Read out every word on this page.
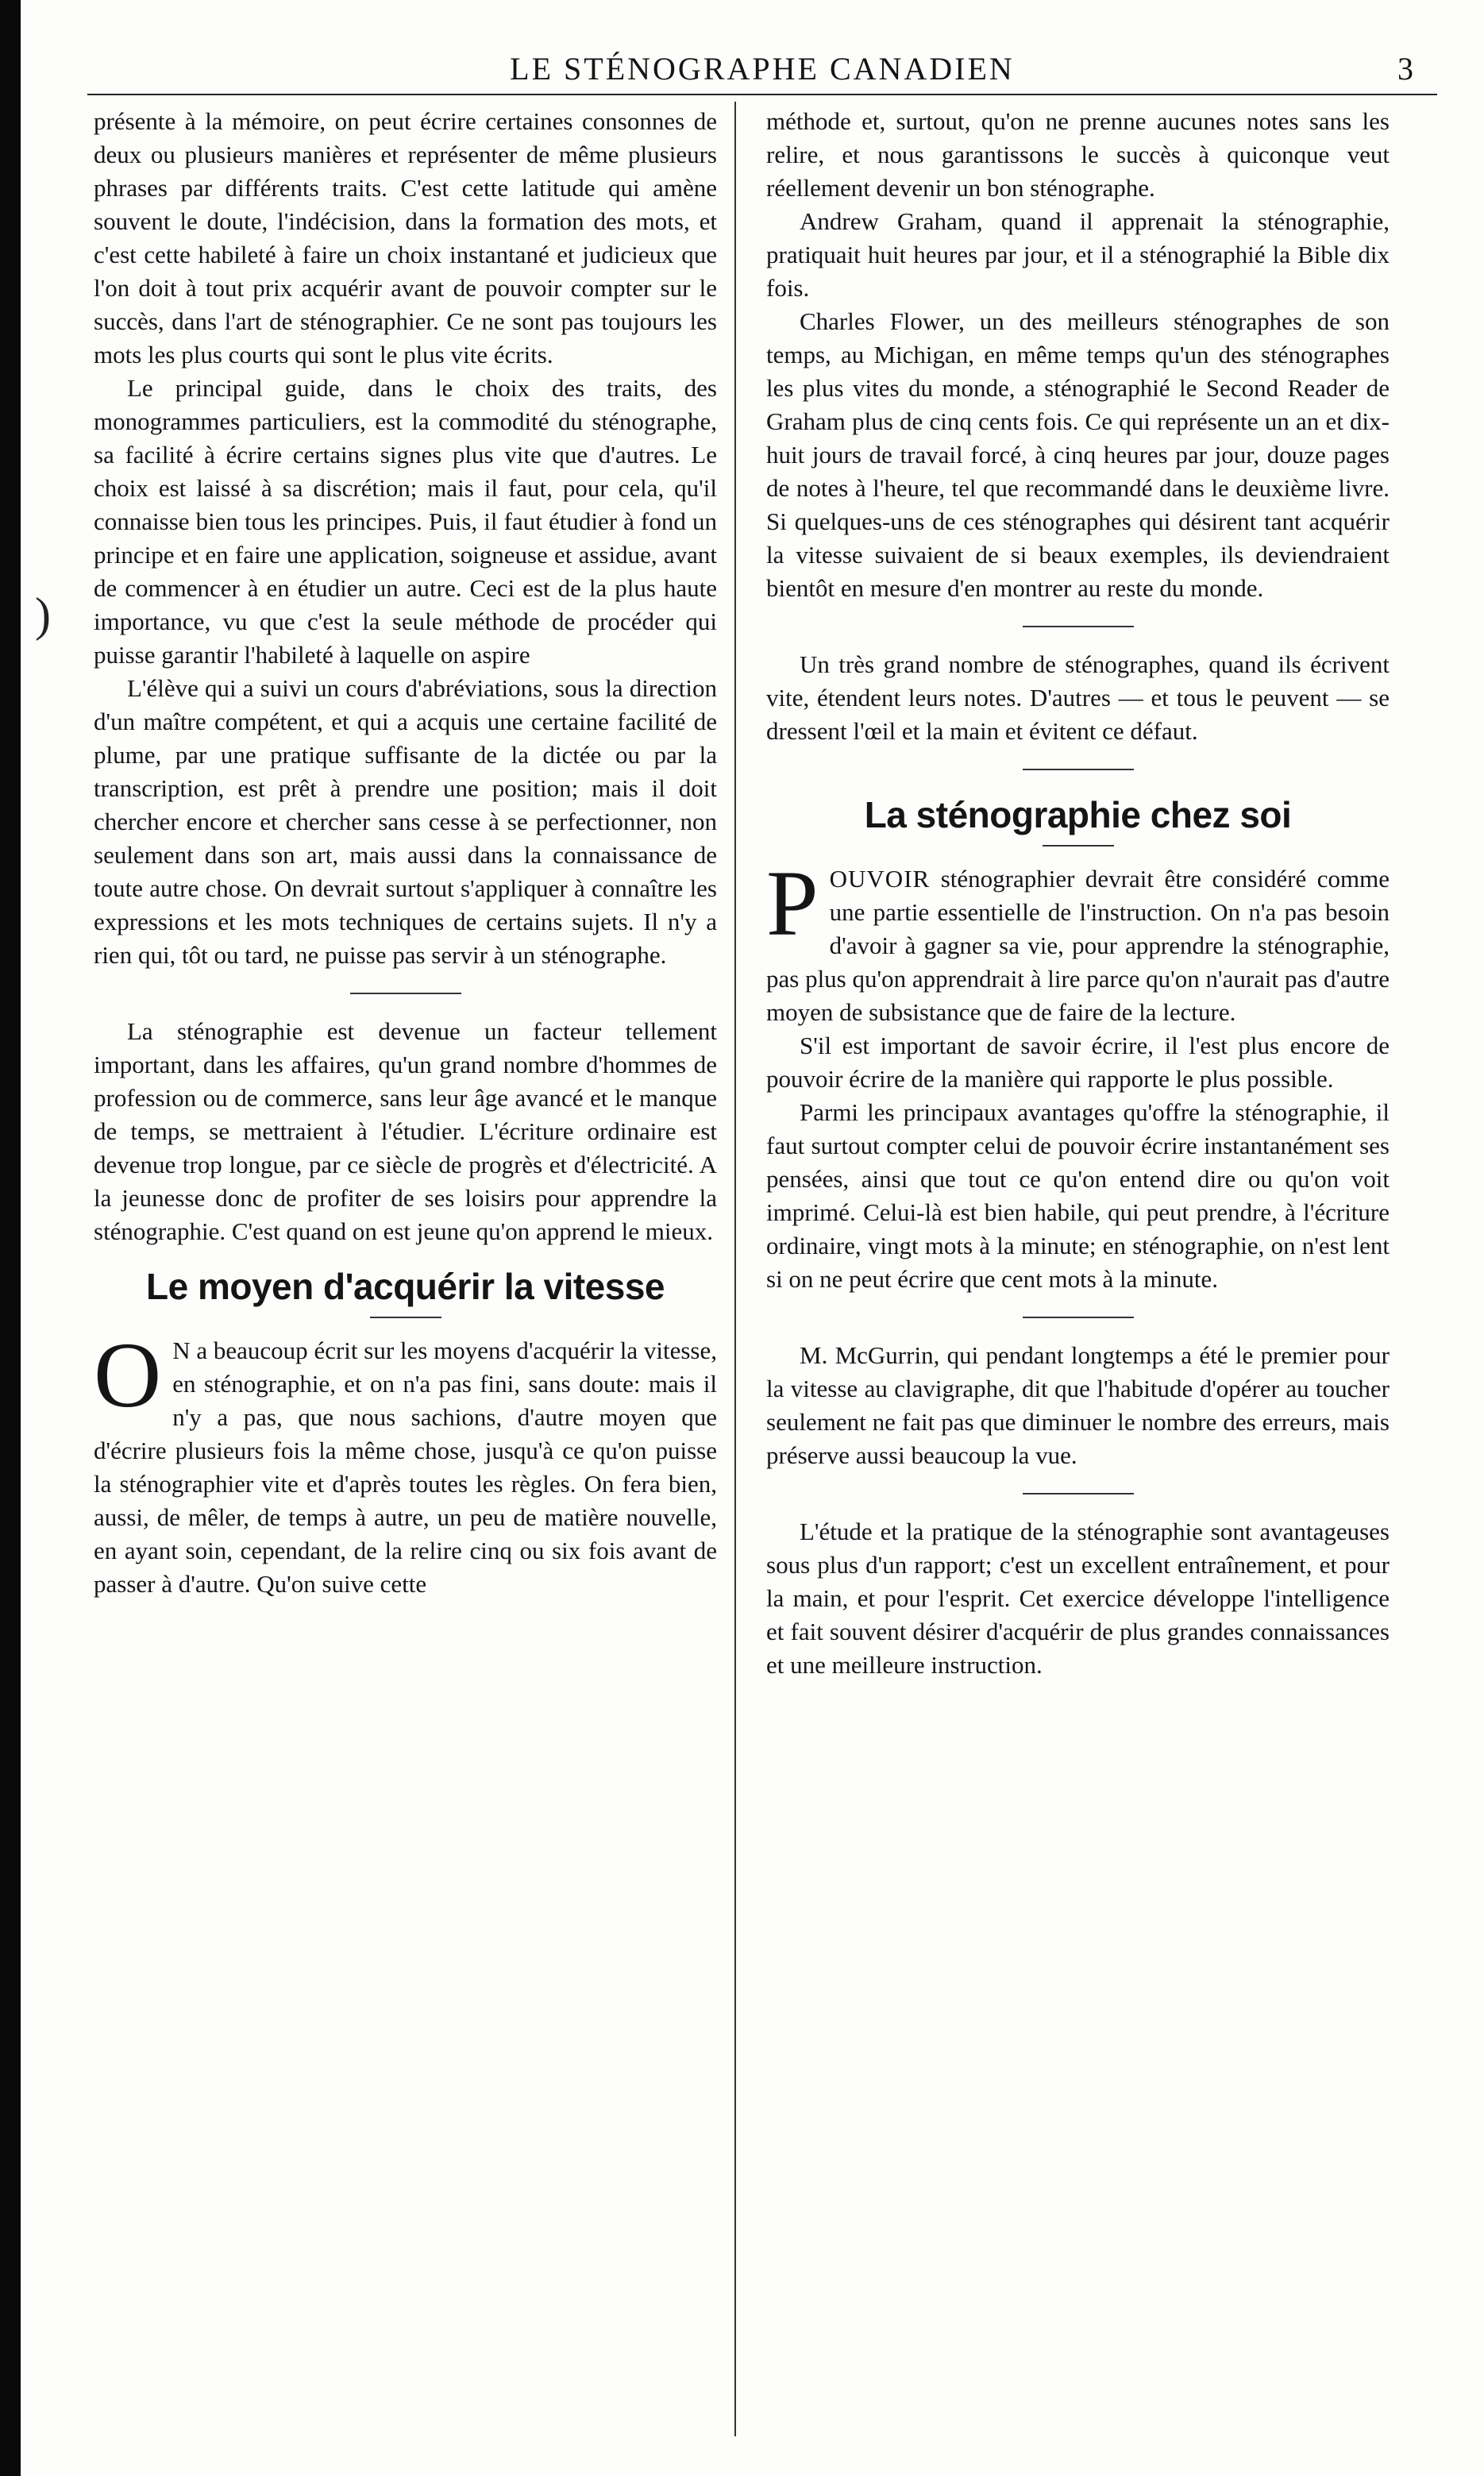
)
LE STÉNOGRAPHE CANADIEN	3

présente à la mémoire, on peut écrire certaines consonnes de deux ou plusieurs manières et représenter de même plusieurs phrases par différents traits. C'est cette latitude qui amène souvent le doute, l'indécision, dans la formation des mots, et c'est cette habileté à faire un choix instantané et judicieux que l'on doit à tout prix acquérir avant de pouvoir compter sur le succès, dans l'art de sténographier. Ce ne sont pas toujours les mots les plus courts qui sont le plus vite écrits.

Le principal guide, dans le choix des traits, des monogrammes particuliers, est la commodité du sténographe, sa facilité à écrire certains signes plus vite que d'autres. Le choix est laissé à sa discrétion; mais il faut, pour cela, qu'il connaisse bien tous les principes. Puis, il faut étudier à fond un principe et en faire une application, soigneuse et assidue, avant de commencer à en étudier un autre. Ceci est de la plus haute importance, vu que c'est la seule méthode de procéder qui puisse garantir l'habileté à laquelle on aspire

L'élève qui a suivi un cours d'abréviations, sous la direction d'un maître compétent, et qui a acquis une certaine facilité de plume, par une pratique suffisante de la dictée ou par la transcription, est prêt à prendre une position; mais il doit chercher encore et chercher sans cesse à se perfectionner, non seulement dans son art, mais aussi dans la connaissance de toute autre chose. On devrait surtout s'appliquer à connaître les expressions et les mots techniques de certains sujets. Il n'y a rien qui, tôt ou tard, ne puisse pas servir à un sténographe.

La sténographie est devenue un facteur tellement important, dans les affaires, qu'un grand nombre d'hommes de profession ou de commerce, sans leur âge avancé et le manque de temps, se mettraient à l'étudier. L'écriture ordinaire est devenue trop longue, par ce siècle de progrès et d'électricité. A la jeunesse donc de profiter de ses loisirs pour apprendre la sténographie. C'est quand on est jeune qu'on apprend le mieux.

Le moyen d'acquérir la vitesse

O N a beaucoup écrit sur les moyens d'acquérir la vitesse, en sténographie, et on n'a pas fini, sans doute: mais il n'y a pas, que nous sachions, d'autre moyen que d'écrire plusieurs fois la même chose, jusqu'à ce qu'on puisse la sténographier vite et d'après toutes les règles. On fera bien, aussi, de mêler, de temps à autre, un peu de matière nouvelle, en ayant soin, cependant, de la relire cinq ou six fois avant de passer à d'autre. Qu'on suive cette

méthode et, surtout, qu'on ne prenne aucunes notes sans les relire, et nous garantissons le succès à quiconque veut réellement devenir un bon sténographe.

Andrew Graham, quand il apprenait la sténographie, pratiquait huit heures par jour, et il a sténographié la Bible dix fois.

Charles Flower, un des meilleurs sténographes de son temps, au Michigan, en même temps qu'un des sténographes les plus vites du monde, a sténographié le Second Reader de Graham plus de cinq cents fois. Ce qui représente un an et dix-huit jours de travail forcé, à cinq heures par jour, douze pages de notes à l'heure, tel que recommandé dans le deuxième livre. Si quelques-uns de ces sténographes qui désirent tant acquérir la vitesse suivaient de si beaux exemples, ils deviendraient bientôt en mesure d'en montrer au reste du monde.

Un très grand nombre de sténographes, quand ils écrivent vite, étendent leurs notes. D'autres — et tous le peuvent — se dressent l'œil et la main et évitent ce défaut.

La sténographie chez soi

POUVOIR sténographier devrait être considéré comme une partie essentielle de l'instruction. On n'a pas besoin d'avoir à gagner sa vie, pour apprendre la sténographie, pas plus qu'on apprendrait à lire parce qu'on n'aurait pas d'autre moyen de subsistance que de faire de la lecture.

S'il est important de savoir écrire, il l'est plus encore de pouvoir écrire de la manière qui rapporte le plus possible.

Parmi les principaux avantages qu'offre la sténographie, il faut surtout compter celui de pouvoir écrire instantanément ses pensées, ainsi que tout ce qu'on entend dire ou qu'on voit imprimé. Celui-là est bien habile, qui peut prendre, à l'écriture ordinaire, vingt mots à la minute; en sténographie, on n'est lent si on ne peut écrire que cent mots à la minute.

M. McGurrin, qui pendant longtemps a été le premier pour la vitesse au clavigraphe, dit que l'habitude d'opérer au toucher seulement ne fait pas que diminuer le nombre des erreurs, mais préserve aussi beaucoup la vue.

L'étude et la pratique de la sténographie sont avantageuses sous plus d'un rapport; c'est un excellent entraînement, et pour la main, et pour l'esprit. Cet exercice développe l'intelligence et fait souvent désirer d'acquérir de plus grandes connaissances et une meilleure instruction.
